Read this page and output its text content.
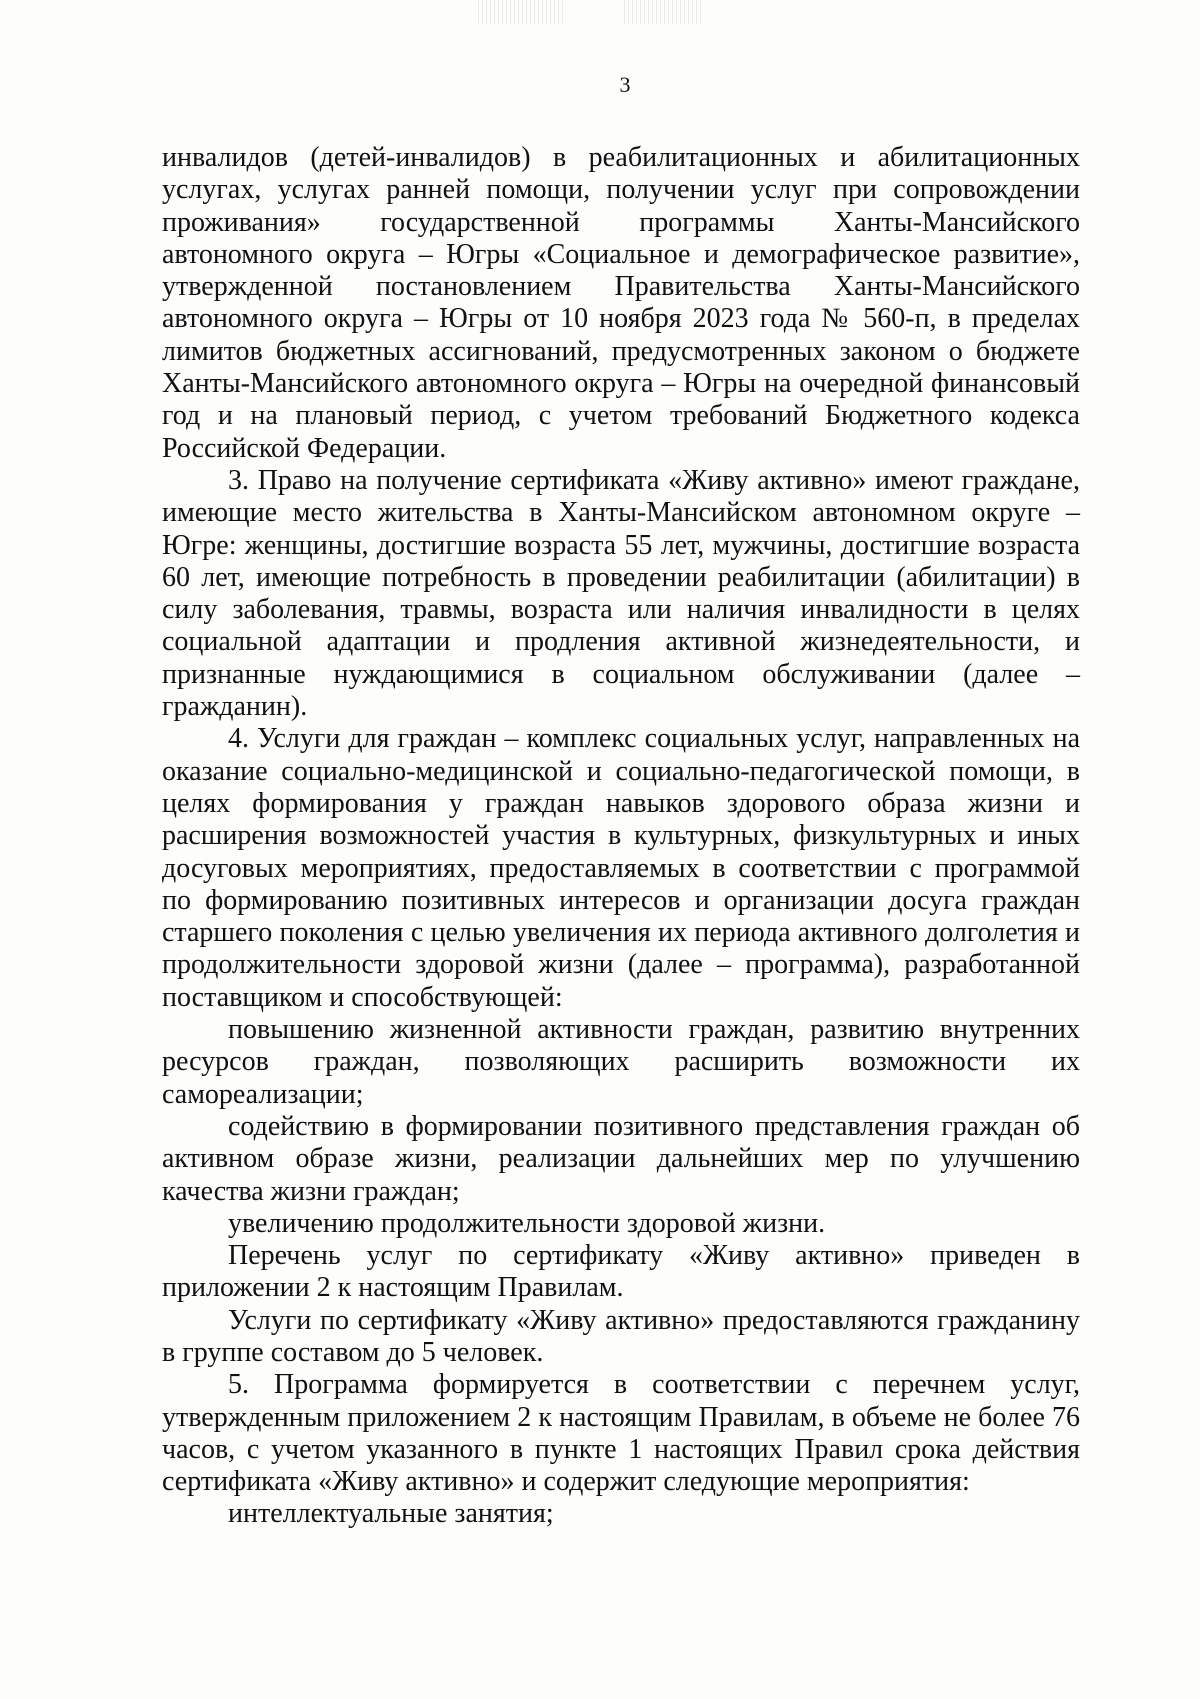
3

инвалидов (детей-инвалидов) в реабилитационных и абилитационных услугах, услугах ранней помощи, получении услуг при сопровождении проживания» государственной программы Ханты-Мансийского автономного округа – Югры «Социальное и демографическое развитие», утвержденной постановлением Правительства Ханты-Мансийского автономного округа – Югры от 10 ноября 2023 года № 560-п, в пределах лимитов бюджетных ассигнований, предусмотренных законом о бюджете Ханты-Мансийского автономного округа – Югры на очередной финансовый год и на плановый период, с учетом требований Бюджетного кодекса Российской Федерации.

3. Право на получение сертификата «Живу активно» имеют граждане, имеющие место жительства в Ханты-Мансийском автономном округе – Югре: женщины, достигшие возраста 55 лет, мужчины, достигшие возраста 60 лет, имеющие потребность в проведении реабилитации (абилитации) в силу заболевания, травмы, возраста или наличия инвалидности в целях социальной адаптации и продления активной жизнедеятельности, и признанные нуждающимися в социальном обслуживании (далее – гражданин).

4. Услуги для граждан – комплекс социальных услуг, направленных на оказание социально-медицинской и социально-педагогической помощи, в целях формирования у граждан навыков здорового образа жизни и расширения возможностей участия в культурных, физкультурных и иных досуговых мероприятиях, предоставляемых в соответствии с программой по формированию позитивных интересов и организации досуга граждан старшего поколения с целью увеличения их периода активного долголетия и продолжительности здоровой жизни (далее – программа), разработанной поставщиком и способствующей:

повышению жизненной активности граждан, развитию внутренних ресурсов граждан, позволяющих расширить возможности их самореализации;

содействию в формировании позитивного представления граждан об активном образе жизни, реализации дальнейших мер по улучшению качества жизни граждан;

увеличению продолжительности здоровой жизни.

Перечень услуг по сертификату «Живу активно» приведен в приложении 2 к настоящим Правилам.

Услуги по сертификату «Живу активно» предоставляются гражданину в группе составом до 5 человек.

5. Программа формируется в соответствии с перечнем услуг, утвержденным приложением 2 к настоящим Правилам, в объеме не более 76 часов, с учетом указанного в пункте 1 настоящих Правил срока действия сертификата «Живу активно» и содержит следующие мероприятия:

интеллектуальные занятия;
